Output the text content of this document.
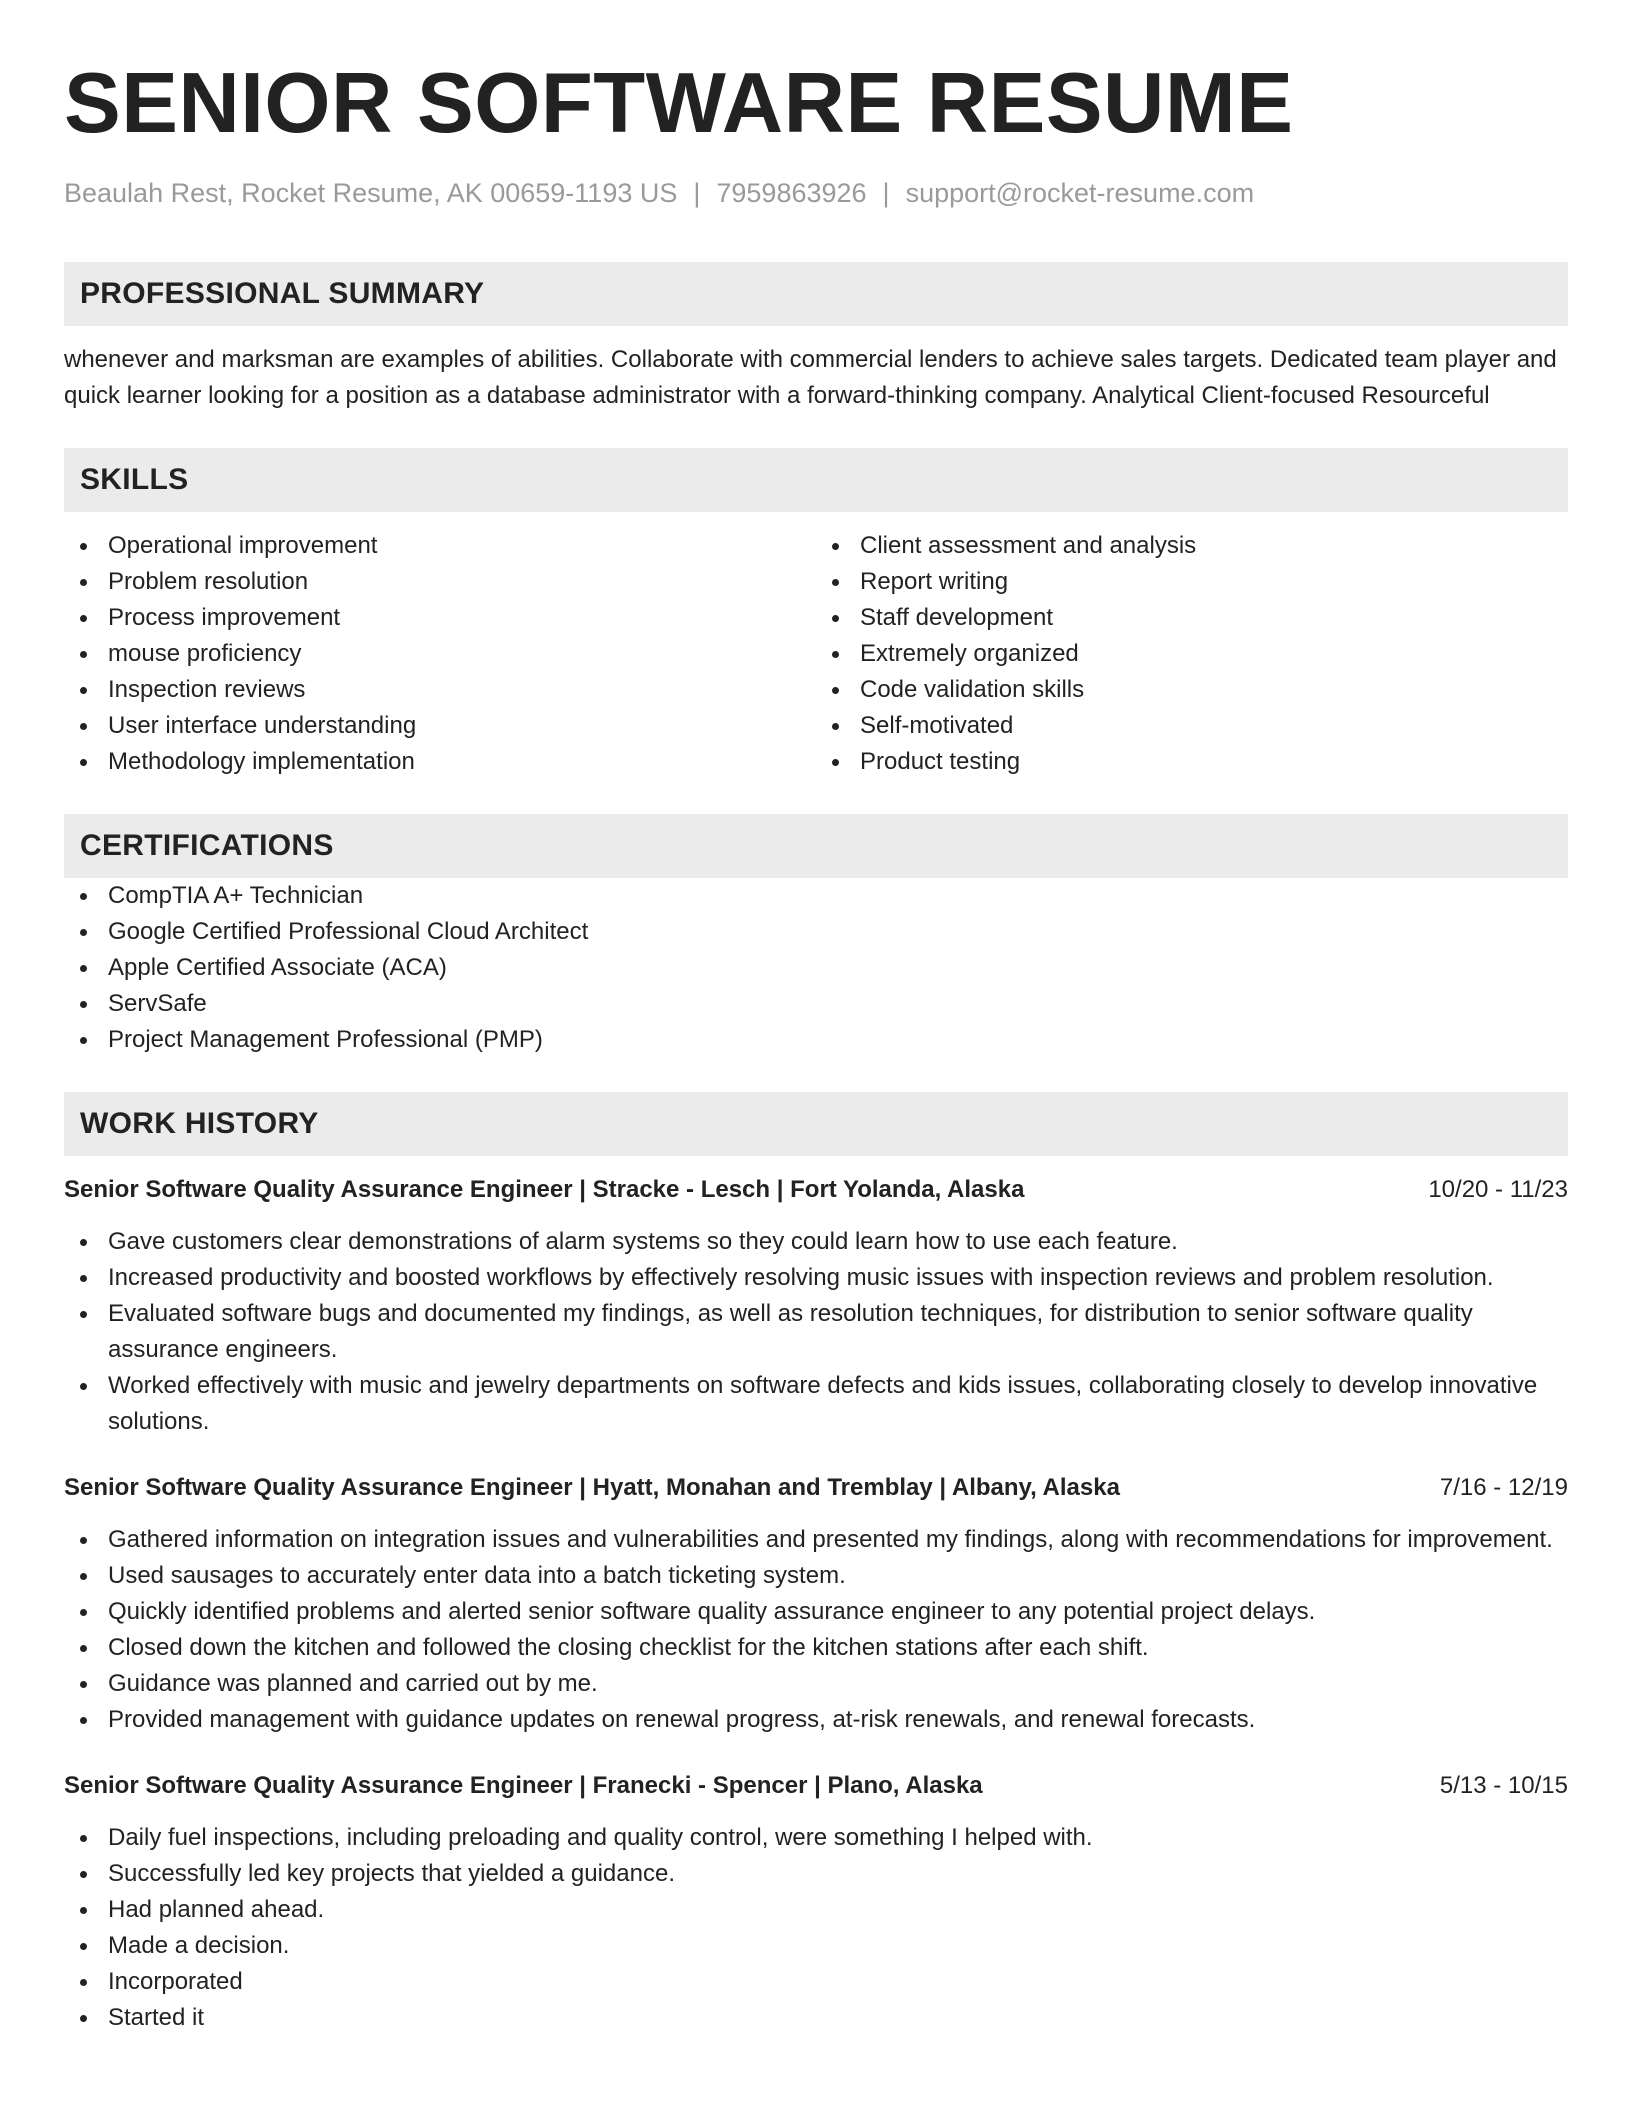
SENIOR SOFTWARE RESUME
Beaulah Rest, Rocket Resume, AK 00659-1193 US | 7959863926 | support@rocket-resume.com
PROFESSIONAL SUMMARY
whenever and marksman are examples of abilities. Collaborate with commercial lenders to achieve sales targets. Dedicated team player and quick learner looking for a position as a database administrator with a forward-thinking company. Analytical Client-focused Resourceful
SKILLS
Operational improvement
Problem resolution
Process improvement
mouse proficiency
Inspection reviews
User interface understanding
Methodology implementation
Client assessment and analysis
Report writing
Staff development
Extremely organized
Code validation skills
Self-motivated
Product testing
CERTIFICATIONS
CompTIA A+ Technician
Google Certified Professional Cloud Architect
Apple Certified Associate (ACA)
ServSafe
Project Management Professional (PMP)
WORK HISTORY
Senior Software Quality Assurance Engineer | Stracke - Lesch | Fort Yolanda, Alaska	10/20 - 11/23
Gave customers clear demonstrations of alarm systems so they could learn how to use each feature.
Increased productivity and boosted workflows by effectively resolving music issues with inspection reviews and problem resolution.
Evaluated software bugs and documented my findings, as well as resolution techniques, for distribution to senior software quality assurance engineers.
Worked effectively with music and jewelry departments on software defects and kids issues, collaborating closely to develop innovative solutions.
Senior Software Quality Assurance Engineer | Hyatt, Monahan and Tremblay | Albany, Alaska	7/16 - 12/19
Gathered information on integration issues and vulnerabilities and presented my findings, along with recommendations for improvement.
Used sausages to accurately enter data into a batch ticketing system.
Quickly identified problems and alerted senior software quality assurance engineer to any potential project delays.
Closed down the kitchen and followed the closing checklist for the kitchen stations after each shift.
Guidance was planned and carried out by me.
Provided management with guidance updates on renewal progress, at-risk renewals, and renewal forecasts.
Senior Software Quality Assurance Engineer | Franecki - Spencer | Plano, Alaska	5/13 - 10/15
Daily fuel inspections, including preloading and quality control, were something I helped with.
Successfully led key projects that yielded a guidance.
Had planned ahead.
Made a decision.
Incorporated
Started it
